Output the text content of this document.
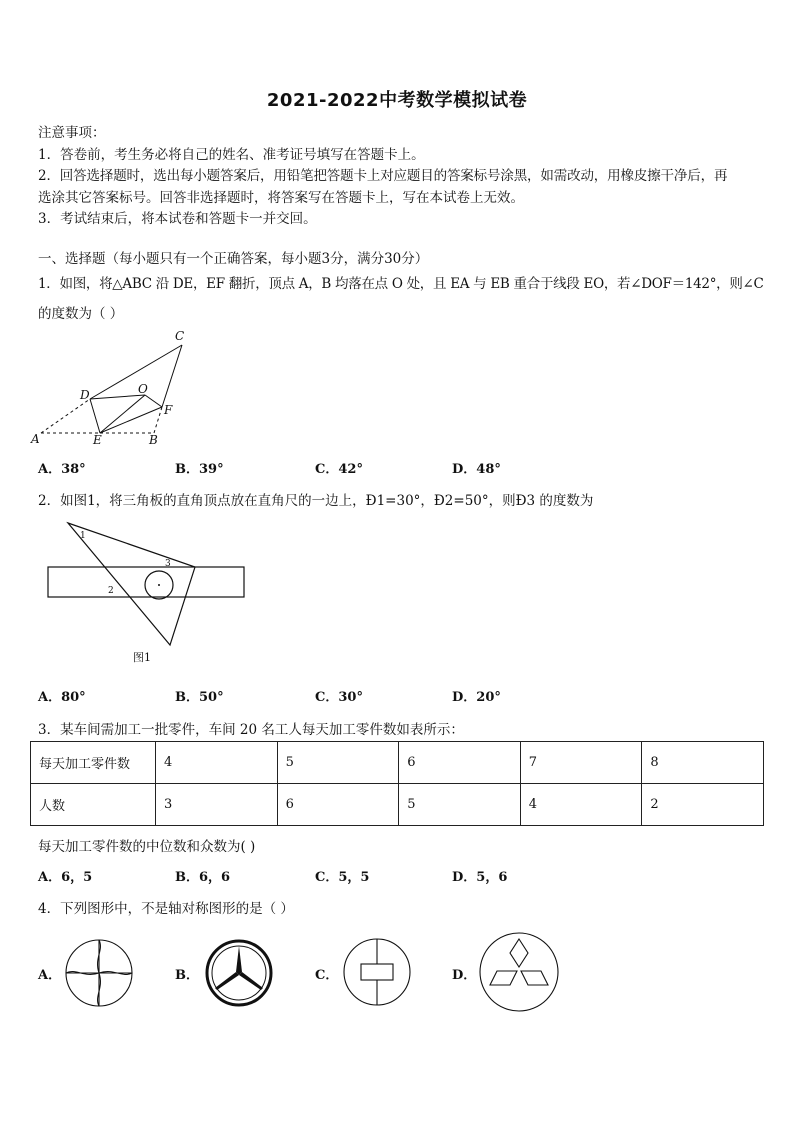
2021-2022中考数学模拟试卷
注意事项：
1．答卷前，考生务必将自己的姓名、准考证号填写在答题卡上。
2．回答选择题时，选出每小题答案后，用铅笔把答题卡上对应题目的答案标号涂黑，如需改动，用橡皮擦干净后，再
选涂其它答案标号。回答非选择题时，将答案写在答题卡上，写在本试卷上无效。
3．考试结束后，将本试卷和答题卡一并交回。
一、选择题（每小题只有一个正确答案，每小题3分，满分30分）
1．如图，将△ABC 沿 DE，EF 翻折，顶点 A，B 均落在点 O 处，且 EA 与 EB 重合于线段 EO，若∠DOF＝142°，则∠C
的度数为（ ）
A	E	B
F
D	O
C
A．38°	B．39°	C．42°	D．48°
2．如图1，将三角板的直角顶点放在直角尺的一边上，Ð1=30°，Ð2=50°，则Ð3 的度数为
1
2
3
图1
A．80°	B．50°	C．30°	D．20°
3．某车间需加工一批零件，车间 20 名工人每天加工零件数如表所示：
每天加工零件数	4	5	6	7	8
人数	3	6	5	4	2
每天加工零件数的中位数和众数为( )
A．6，5	B．6，6	C．5，5	D．5，6
4．下列图形中，不是轴对称图形的是（ ）
A．	B．	C．	D．
